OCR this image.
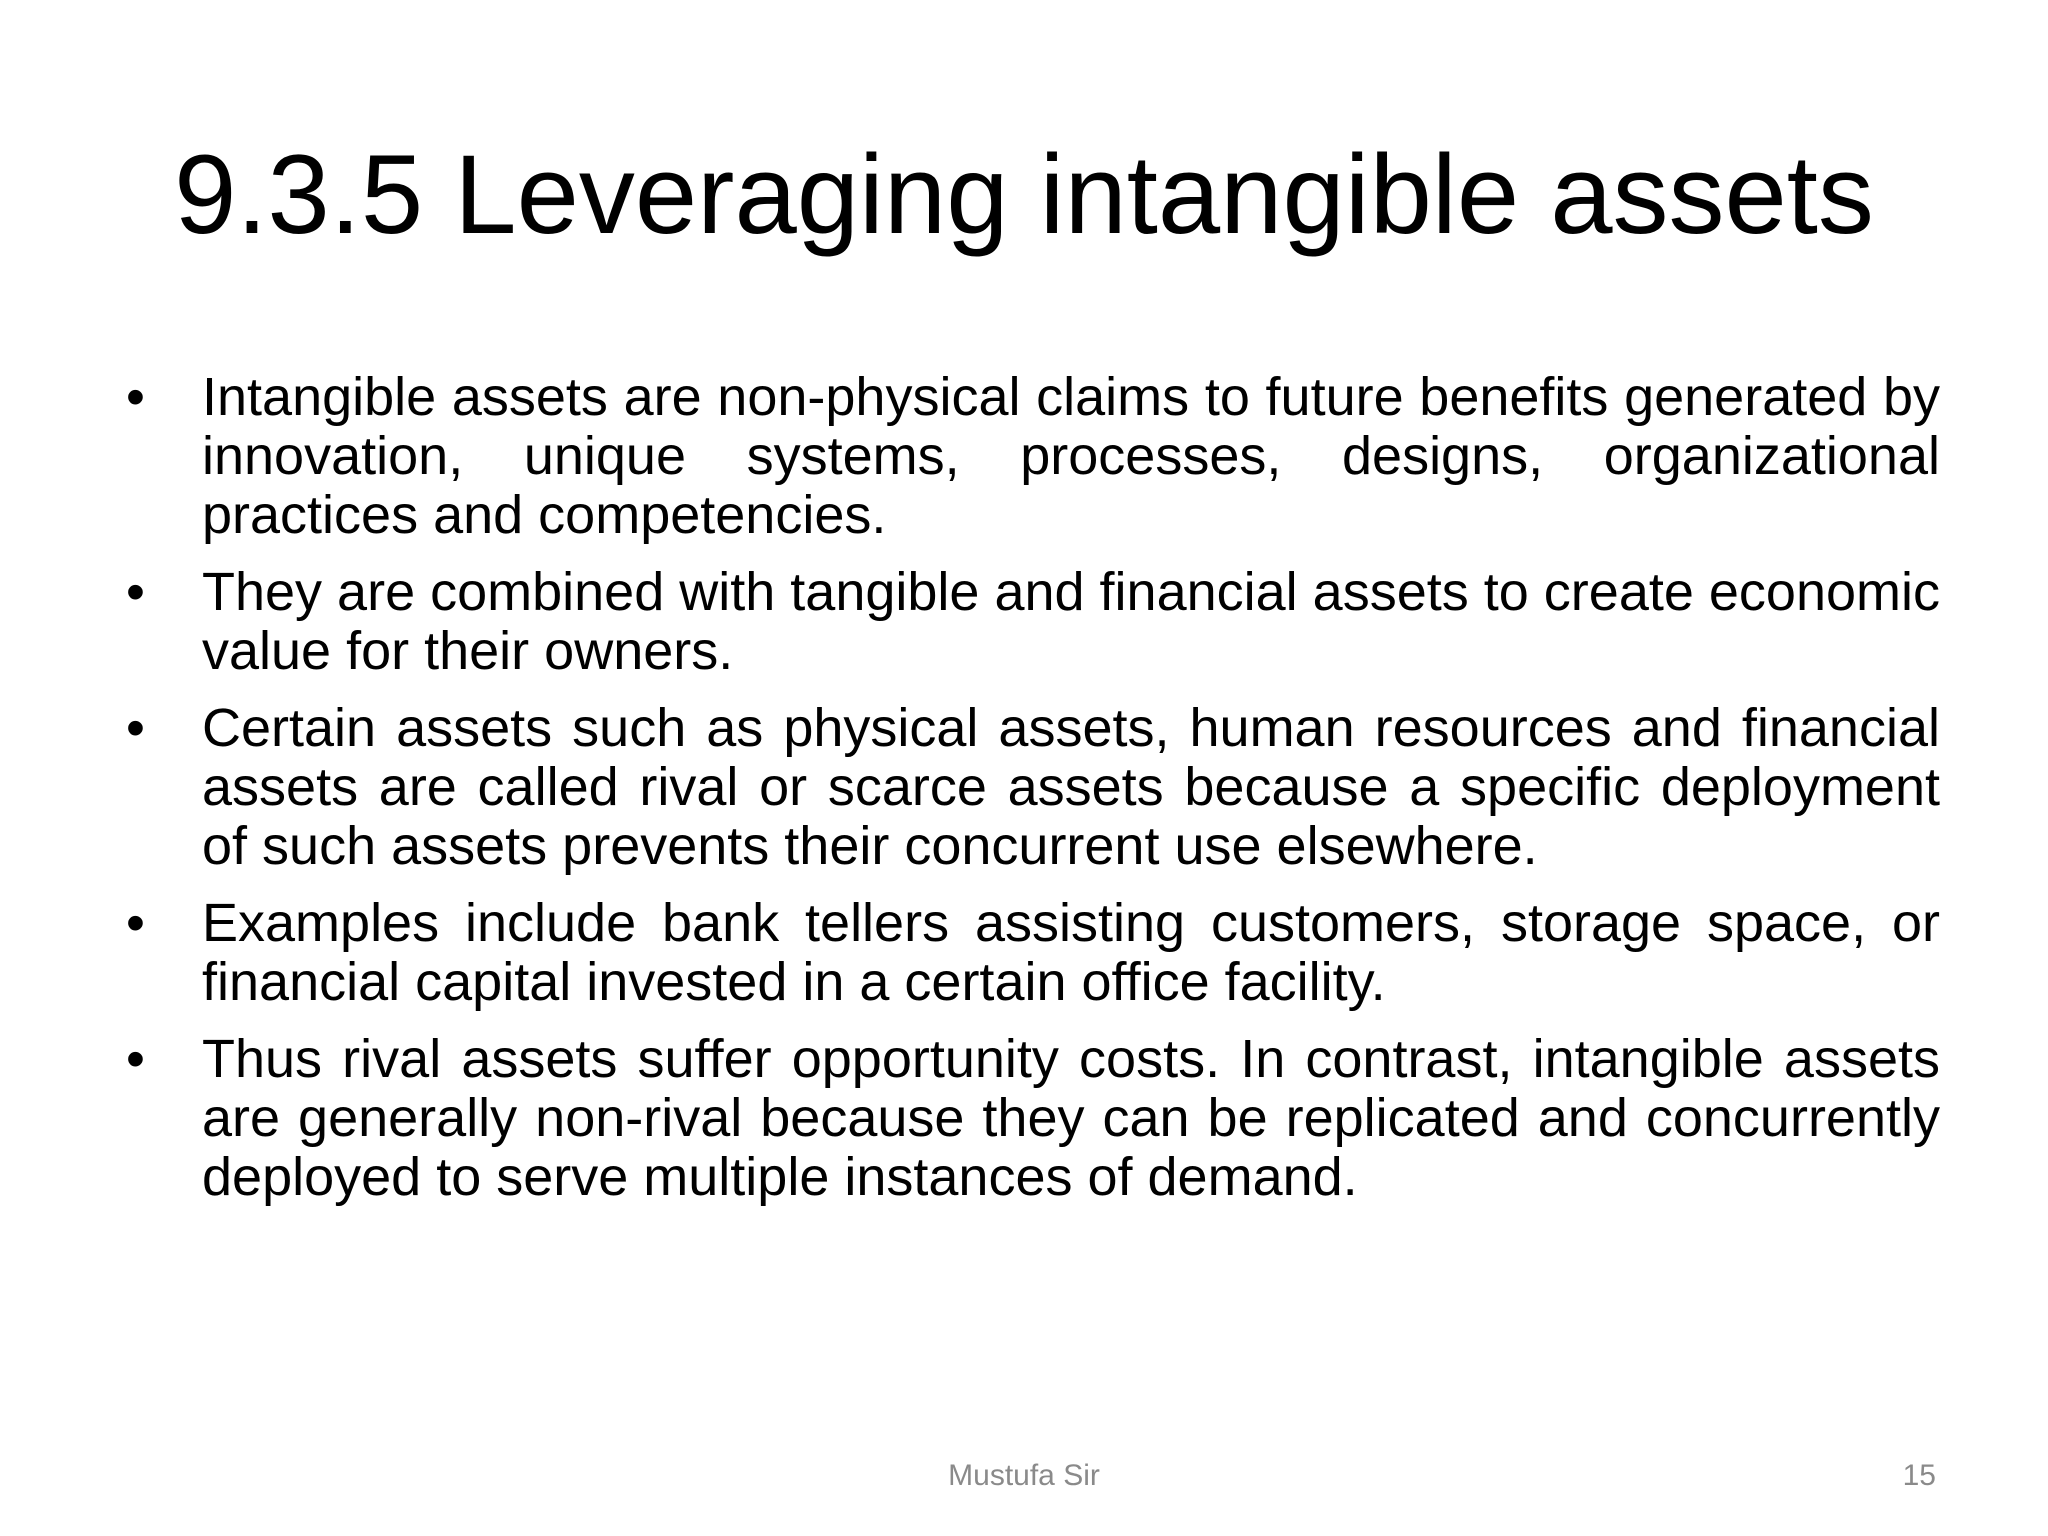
9.3.5 Leveraging intangible assets
•	Intangible assets are non-physical claims to future benefits generated by innovation, unique systems, processes, designs, organizational practices and competencies.
•	They are combined with tangible and financial assets to create economic value for their owners.
•	Certain assets such as physical assets, human resources and financial assets are called rival or scarce assets because a specific deployment of such assets prevents their concurrent use elsewhere.
•	Examples include bank tellers assisting customers, storage space, or financial capital invested in a certain office facility.
•	Thus rival assets suffer opportunity costs. In contrast, intangible assets are generally non-rival because they can be replicated and concurrently deployed to serve multiple instances of demand.
Mustufa Sir	15
